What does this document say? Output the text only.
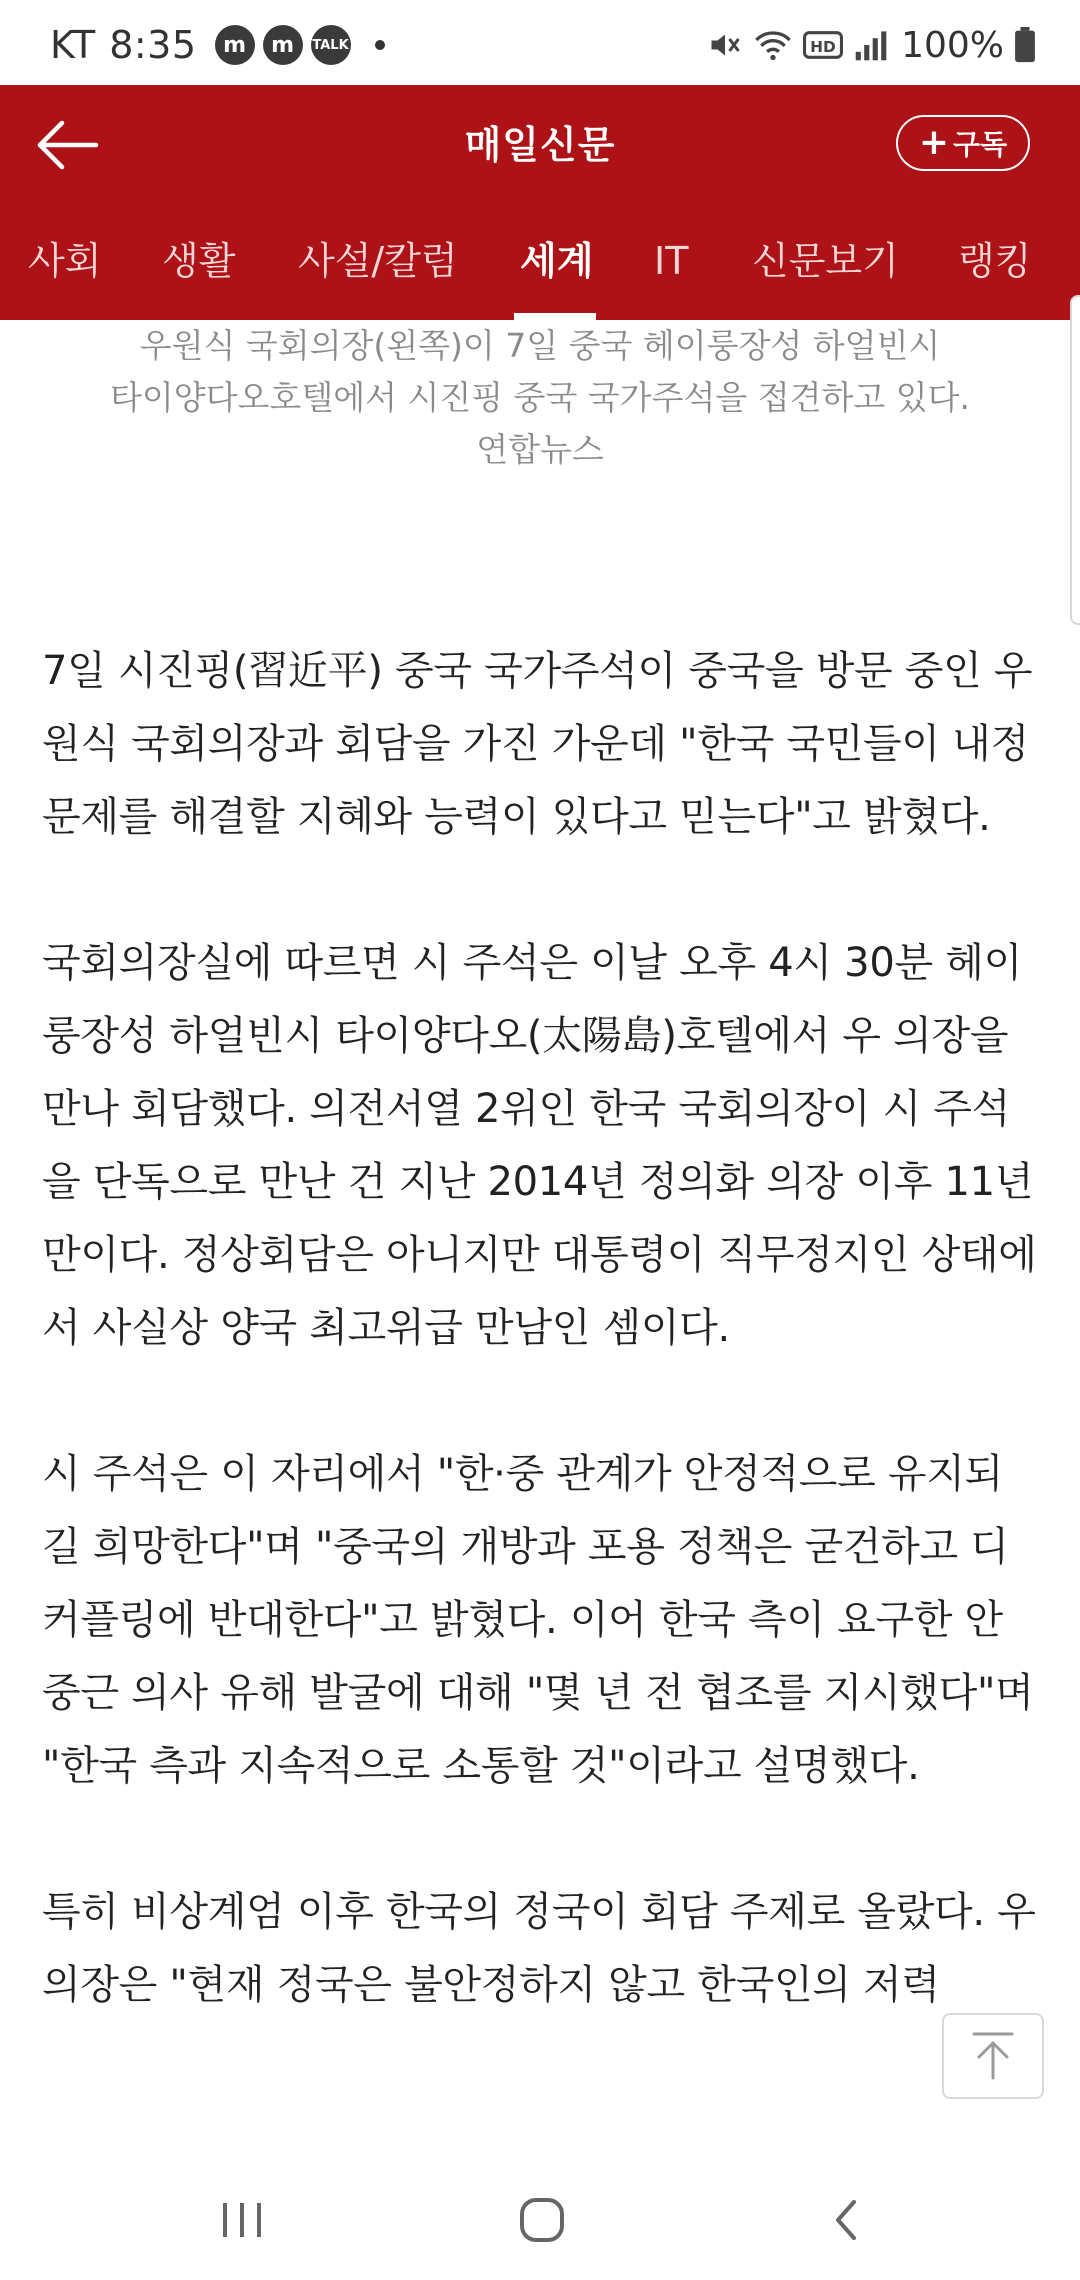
KT 8:35	m	m	TALK	HD 100%
매일신문	+ 구독
사회 생활 사설/칼럼 세계 IT 신문보기 랭킹
우원식 국회의장(왼쪽)이 7일 중국 헤이룽장성 하얼빈시 타이양다오호텔에서 시진핑 중국 국가주석을 접견하고 있다. 연합뉴스

7일 시진핑(習近平) 중국 국가주석이 중국을 방문 중인 우원식 국회의장과 회담을 가진 가운데 "한국 국민들이 내정 문제를 해결할 지혜와 능력이 있다고 믿는다"고 밝혔다.

국회의장실에 따르면 시 주석은 이날 오후 4시 30분 헤이룽장성 하얼빈시 타이양다오(太陽島)호텔에서 우 의장을 만나 회담했다. 의전서열 2위인 한국 국회의장이 시 주석을 단독으로 만난 건 지난 2014년 정의화 의장 이후 11년 만이다. 정상회담은 아니지만 대통령이 직무정지인 상태에서 사실상 양국 최고위급 만남인 셈이다.

시 주석은 이 자리에서 "한·중 관계가 안정적으로 유지되길 희망한다"며 "중국의 개방과 포용 정책은 굳건하고 디커플링에 반대한다"고 밝혔다. 이어 한국 측이 요구한 안중근 의사 유해 발굴에 대해 "몇 년 전 협조를 지시했다"며 "한국 측과 지속적으로 소통할 것"이라고 설명했다.

특히 비상계엄 이후 한국의 정국이 회담 주제로 올랐다. 우 의장은 "현재 정국은 불안정하지 않고 한국인의 저력
